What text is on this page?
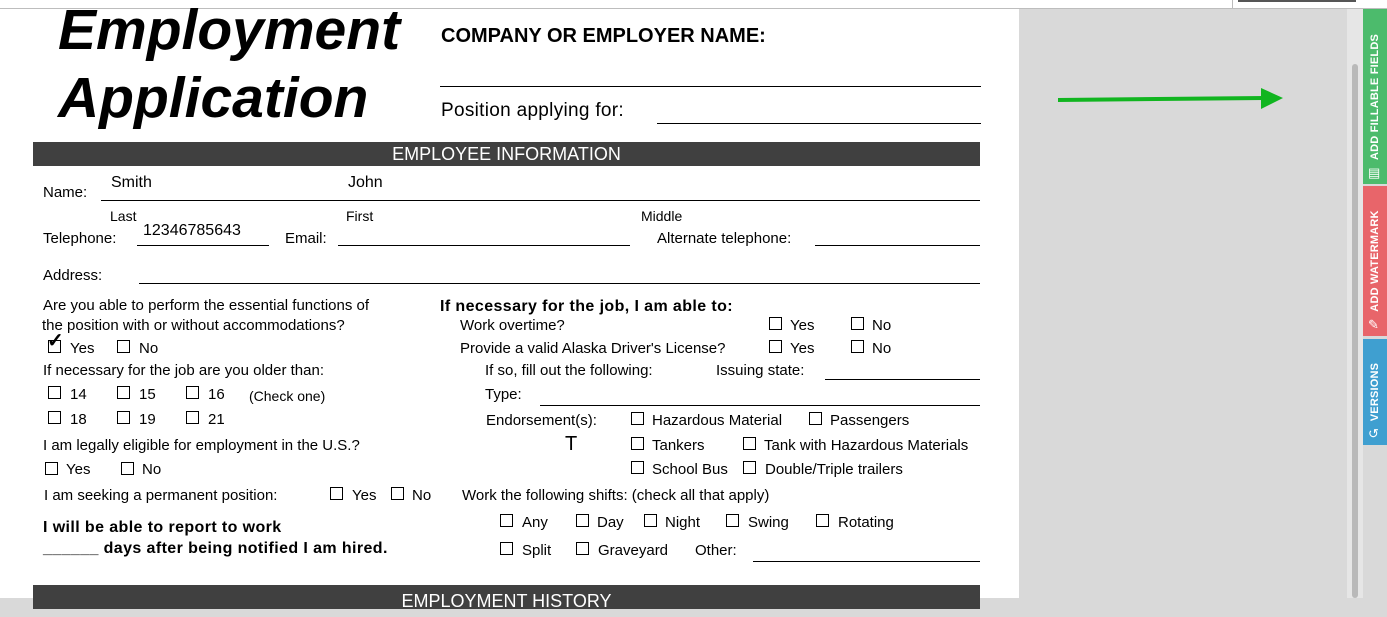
Employment
Application
COMPANY OR EMPLOYER NAME:
Position applying for:
EMPLOYEE INFORMATION
Name:
Smith	John
Last	First	Middle
Telephone: 12346785643	Email:	Alternate telephone:
Address:
Are you able to perform the essential functions of
the position with or without accommodations?
✓ Yes	No
If necessary for the job are you older than:
14	15	16 (Check one)
18	19	21
I am legally eligible for employment in the U.S.?
Yes	No
I am seeking a permanent position:	Yes No
I will be able to report to work
______ days after being notified I am hired.
If necessary for the job, I am able to:
Work overtime?	Yes	No
Provide a valid Alaska Driver's License?	Yes	No
If so, fill out the following:	Issuing state:
Type:
Endorsement(s):
T
Hazardous Material	Passengers
Tankers	Tank with Hazardous Materials
School Bus Double/Triple trailers
Work the following shifts: (check all that apply)
Any	Day	Night	Swing	Rotating
Split	Graveyard Other:
EMPLOYMENT HISTORY
ADD FILLABLE FIELDS
▤
ADD WATERMARK
✎
VERSIONS
↺
